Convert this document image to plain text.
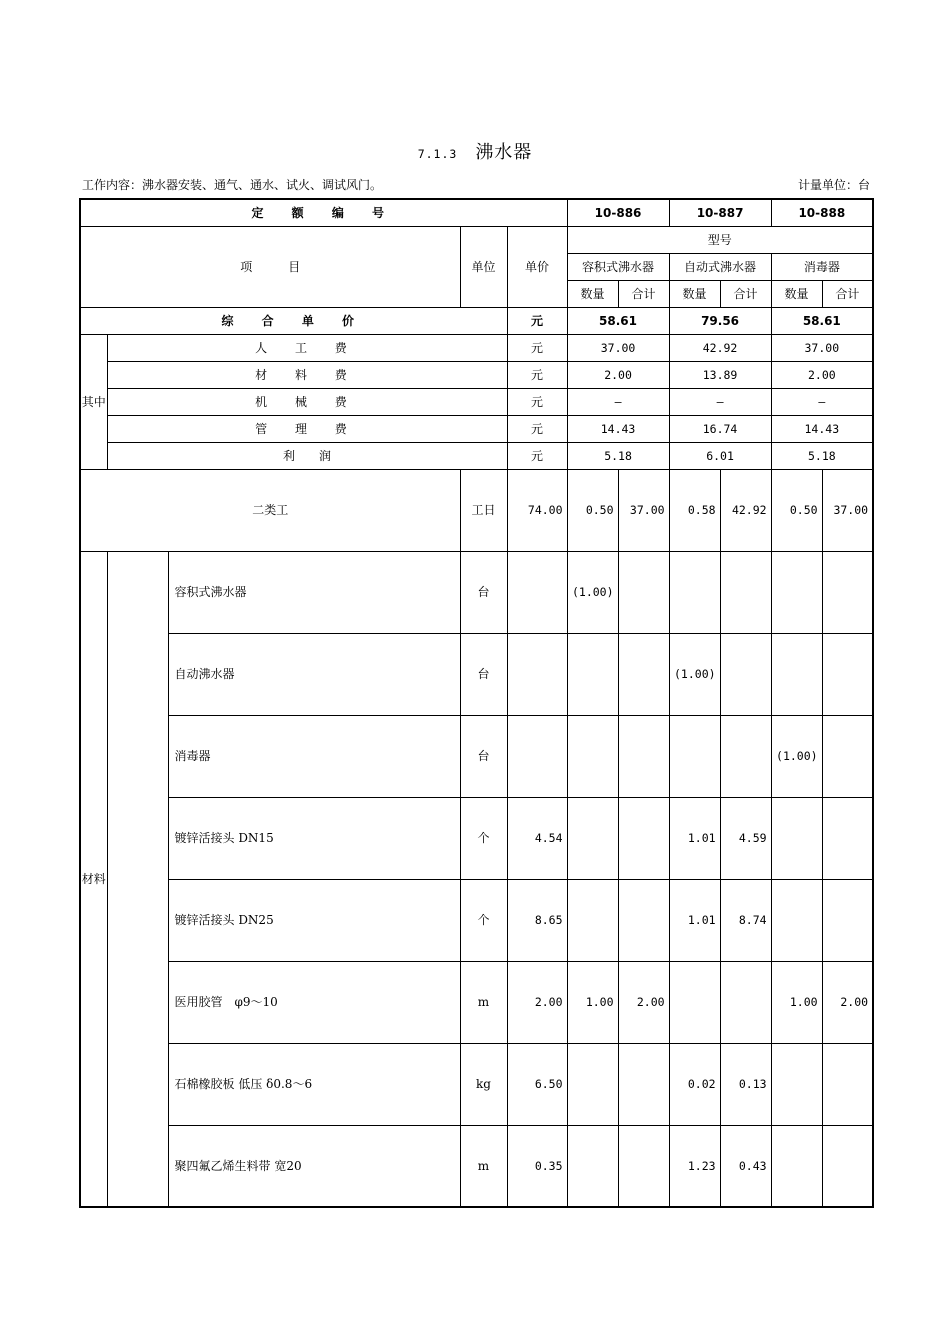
7.1.3 沸水器
工作内容：沸水器安装、通气、通水、试火、调试风门。	计量单位：台
定 额 编 号					10-886		10-887		10-888	
项　　　目			单位	单价	型号					
					容积式沸水器		自动式沸水器		消毒器	
					数量	合计	数量	合计	数量	合计
综 合 单 价				元	58.61		79.56		58.61	
其中	人 工 费			元	37.00		42.92		37.00	
	材 料 费			元	2.00		13.89		2.00	
	机 械 费			元	—		—		—	
	管 理 费			元	14.43		16.74		14.43	
	利　　润			元	5.18		6.01		5.18	
二类工			工日	74.00	0.50	37.00	0.58	42.92	0.50	37.00
材料		容积式沸水器	台		(1.00)					
		自动沸水器	台				(1.00)			
		消毒器	台						(1.00)	
		镀锌活接头 DN15	个	4.54			1.01	4.59		
		镀锌活接头 DN25	个	8.65			1.01	8.74		
		医用胶管　φ9～10	m	2.00	1.00	2.00			1.00	2.00
		石棉橡胶板 低压 δ0.8～6	kg	6.50			0.02	0.13		
		聚四氟乙烯生料带 宽20	m	0.35			1.23	0.43		
